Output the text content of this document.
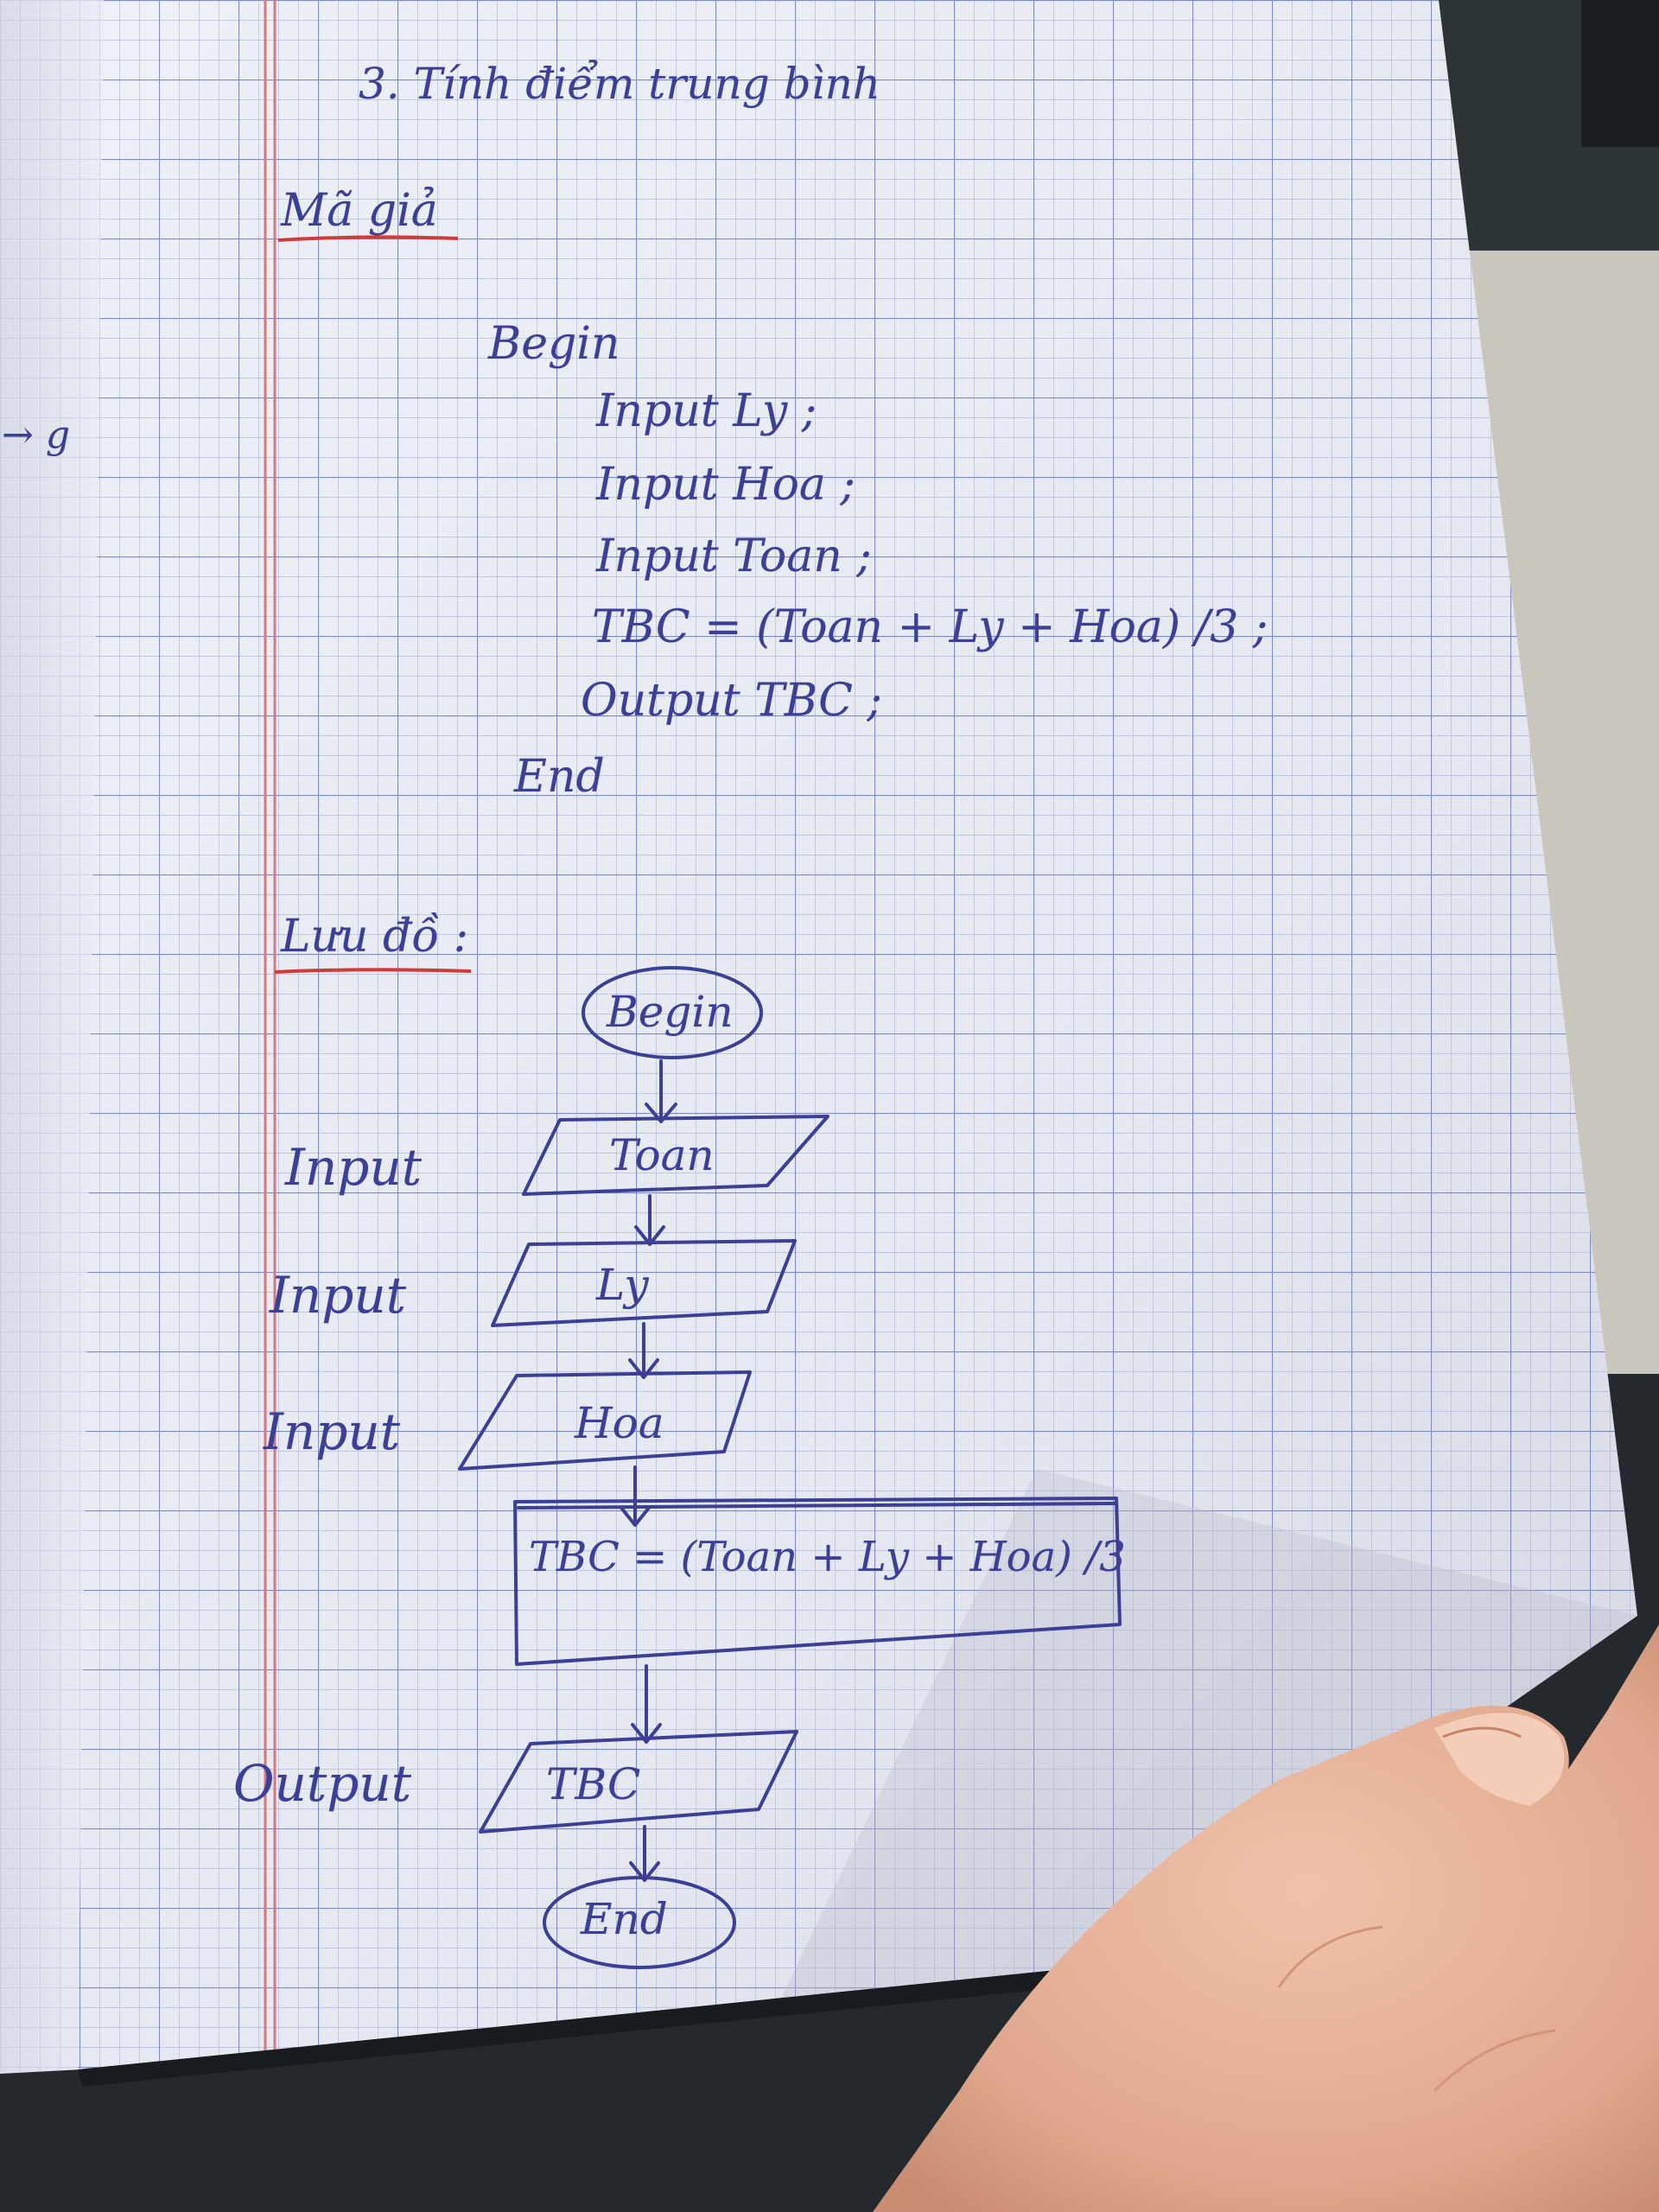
→ g
3. Tính điểm trung bình
Mã giả
Begin
Input Ly ;
Input Hoa ;
Input Toan ;
TBC = (Toan + Ly + Hoa) /3 ;
Output TBC ;
End
Lưu đồ :
Begin
Input	Toan
Input	Ly
Input	Hoa
TBC = (Toan + Ly + Hoa) /3
Output	TBC
End
